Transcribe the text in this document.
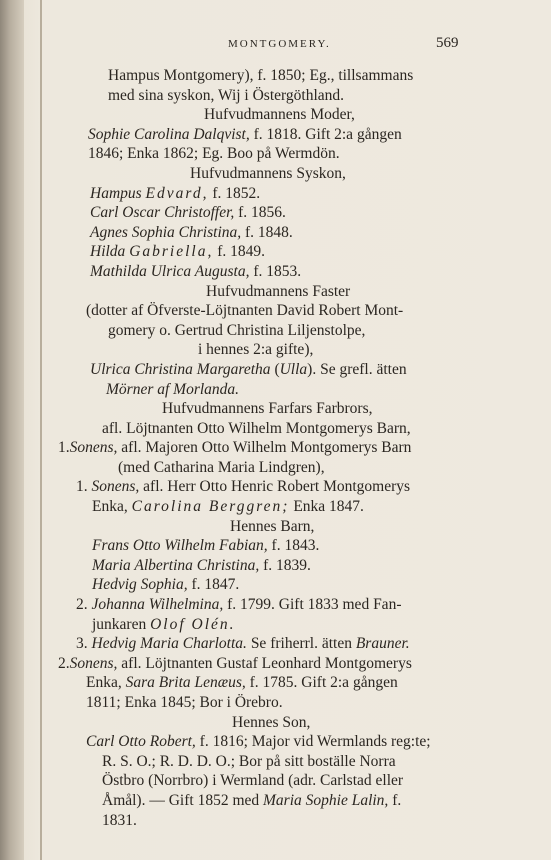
MONTGOMERY.	569
Hampus Montgomery), f. 1850; Eg., tillsammans
med sina syskon, Wij i Östergöthland.
Hufvudmannens Moder,
Sophie Carolina Dalqvist, f. 1818. Gift 2:a gången
1846; Enka 1862; Eg. Boo på Wermdön.
Hufvudmannens Syskon,
Hampus Edvard, f. 1852.
Carl Oscar Christoffer, f. 1856.
Agnes Sophia Christina, f. 1848.
Hilda Gabriella, f. 1849.
Mathilda Ulrica Augusta, f. 1853.
Hufvudmannens Faster
(dotter af Öfverste-Löjtnanten David Robert Mont-
gomery o. Gertrud Christina Liljenstolpe,
i hennes 2:a gifte),
Ulrica Christina Margaretha (Ulla). Se grefl. ätten
Mörner af Morlanda.
Hufvudmannens Farfars Farbrors,
afl. Löjtnanten Otto Wilhelm Montgomerys Barn,
1.Sonens, afl. Majoren Otto Wilhelm Montgomerys Barn
(med Catharina Maria Lindgren),
1. Sonens, afl. Herr Otto Henric Robert Montgomerys
Enka, Carolina Berggren; Enka 1847.
Hennes Barn,
Frans Otto Wilhelm Fabian, f. 1843.
Maria Albertina Christina, f. 1839.
Hedvig Sophia, f. 1847.
2. Johanna Wilhelmina, f. 1799. Gift 1833 med Fan-
junkaren Olof Olén.
3. Hedvig Maria Charlotta. Se friherrl. ätten Brauner.
2.Sonens, afl. Löjtnanten Gustaf Leonhard Montgomerys
Enka, Sara Brita Lenæus, f. 1785. Gift 2:a gången
1811; Enka 1845; Bor i Örebro.
Hennes Son,
Carl Otto Robert, f. 1816; Major vid Wermlands reg:te;
R. S. O.; R. D. D. O.; Bor på sitt boställe Norra
Östbro (Norrbro) i Wermland (adr. Carlstad eller
Åmål). — Gift 1852 med Maria Sophie Lalin, f.
1831.
